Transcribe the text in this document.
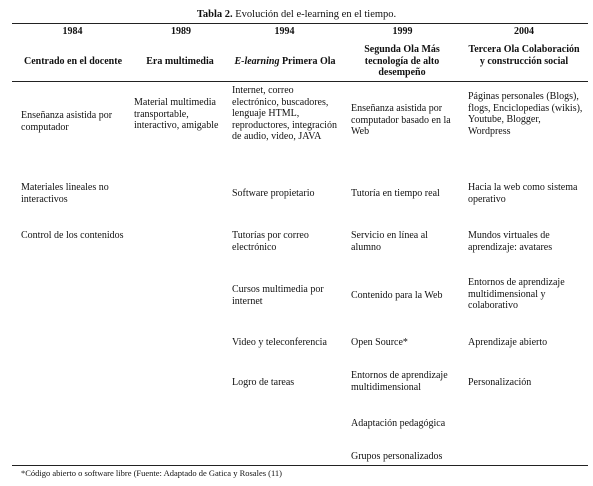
Tabla 2. Evolución del e-learning en el tiempo.
1984
Centrado en el docente
Enseñanza asistida por computador
Materiales lineales no interactivos
Control de los contenidos
1989
Era multimedia
Material multimedia transportable, interactivo, amigable
1994
E-learning Primera Ola
Internet, correo electrónico, buscadores, lenguaje HTML, reproductores, integración de audio, video, JAVA
Software propietario
Tutorías por correo electrónico
Cursos multimedia por internet
Video y teleconferencia
Logro de tareas
1999
Segunda Ola Más tecnología de alto desempeño
Enseñanza asistida por computador basado en la Web
Tutoría en tiempo real
Servicio en línea al alumno
Contenido para la Web
Open Source*
Entornos de aprendizaje multidimensional
Adaptación pedagógica
Grupos personalizados
2004
Tercera Ola Colaboración y construcción social
Páginas personales (Blogs), flogs, Enciclopedias (wikis), Youtube, Blogger, Wordpress
Hacia la web como sistema operativo
Mundos virtuales de aprendizaje: avatares
Entornos de aprendizaje multidimensional y colaborativo
Aprendizaje abierto
Personalización
*Código abierto o software libre (Fuente: Adaptado de Gatica y Rosales (11)
